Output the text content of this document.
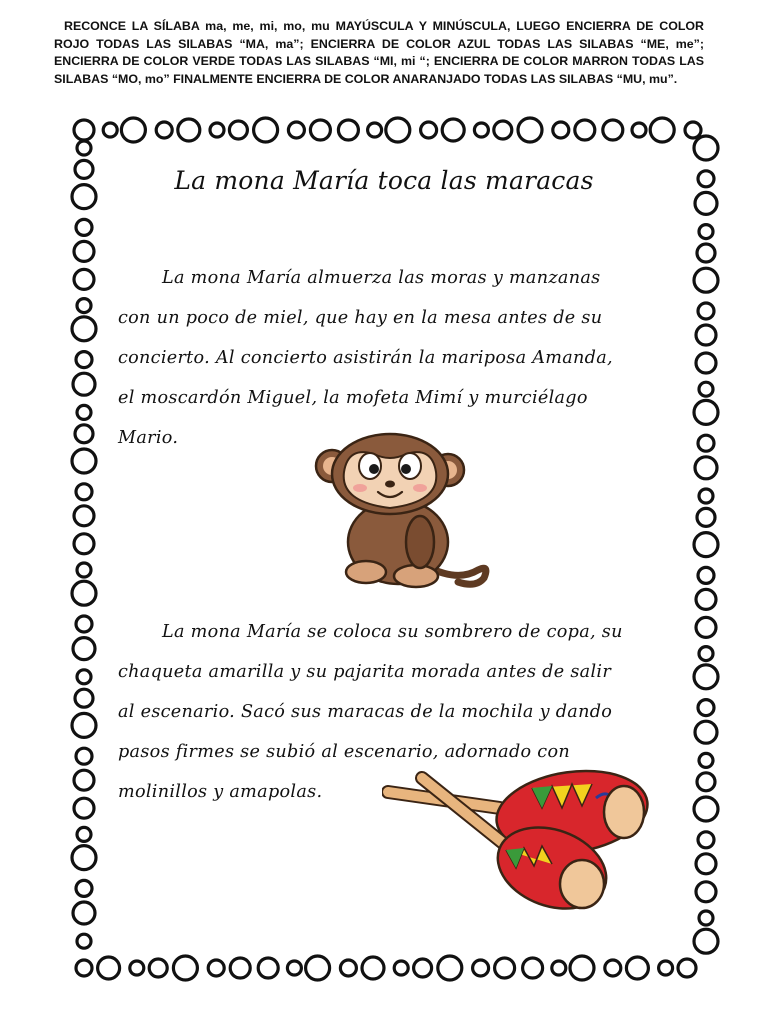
RECONCE LA SÍLABA ma, me, mi, mo, mu MAYÚSCULA Y MINÚSCULA, LUEGO ENCIERRA DE COLOR ROJO TODAS LAS SILABAS “MA, ma”; ENCIERRA DE COLOR AZUL TODAS LAS SILABAS “ME, me”; ENCIERRA DE COLOR VERDE TODAS LAS SILABAS “MI, mi “; ENCIERRA DE COLOR MARRON TODAS LAS SILABAS “MO, mo” FINALMENTE ENCIERRA DE COLOR ANARANJADO TODAS LAS SILABAS “MU, mu”.

La mona María toca las maracas
La mona María almuerza las moras y manzanas
con un poco de miel, que hay en la mesa antes de su
concierto. Al concierto asistirán la mariposa Amanda,
el moscardón Miguel, la mofeta Mimí y murciélago
Mario.
La mona María se coloca su sombrero de copa, su
chaqueta amarilla y su pajarita morada antes de salir
al escenario. Sacó sus maracas de la mochila y dando
pasos firmes se subió al escenario, adornado con
molinillos y amapolas.
